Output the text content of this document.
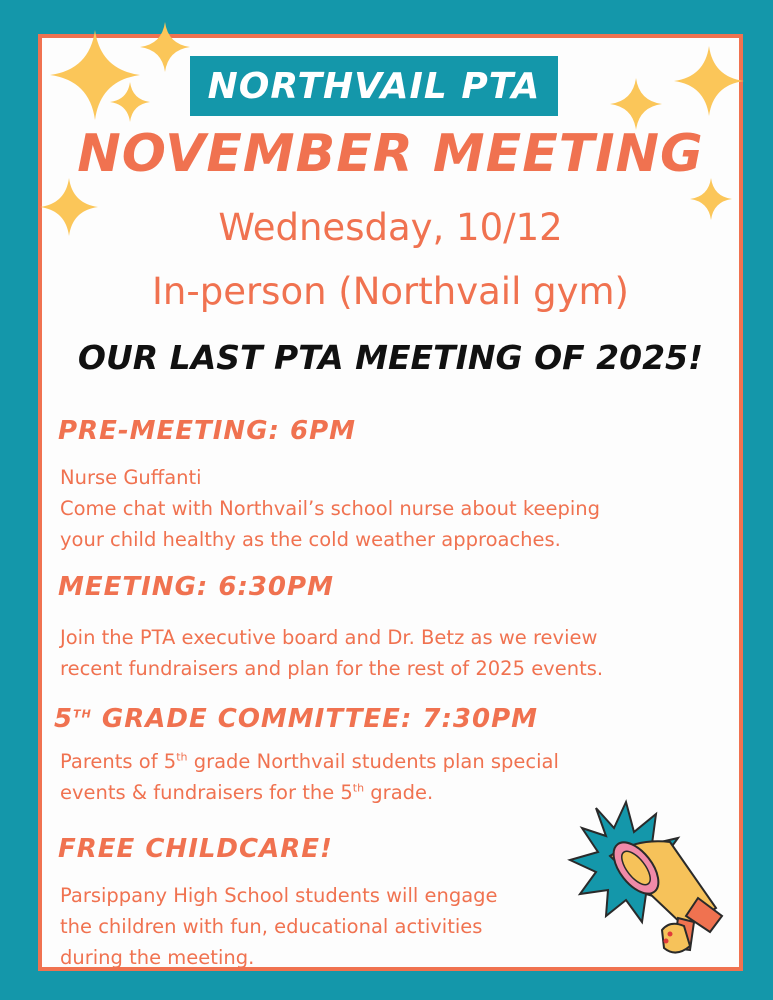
NORTHVAIL PTA
NOVEMBER MEETING
Wednesday, 10/12
In-person (Northvail gym)
OUR LAST PTA MEETING OF 2025!
PRE-MEETING: 6PM
Nurse Guffanti
Come chat with Northvail’s school nurse about keeping
your child healthy as the cold weather approaches.
MEETING: 6:30PM
Join the PTA executive board and Dr. Betz as we review
recent fundraisers and plan for the rest of 2025 events.
5TH GRADE COMMITTEE: 7:30PM
Parents of 5th grade Northvail students plan special
events & fundraisers for the 5th grade.
FREE CHILDCARE!
Parsippany High School students will engage
the children with fun, educational activities
during the meeting.
